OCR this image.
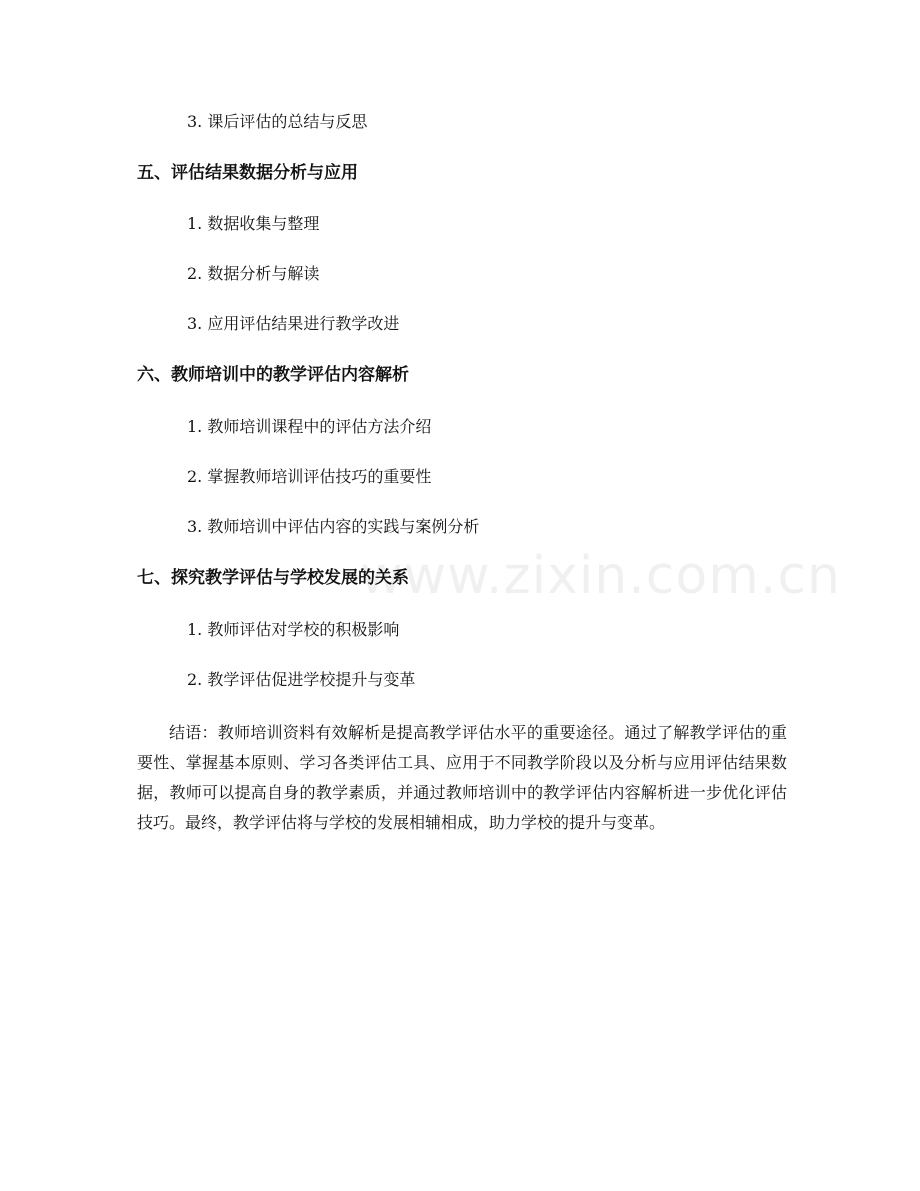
3. 课后评估的总结与反思
五、评估结果数据分析与应用
1. 数据收集与整理
2. 数据分析与解读
3. 应用评估结果进行教学改进
六、教师培训中的教学评估内容解析
1. 教师培训课程中的评估方法介绍
2. 掌握教师培训评估技巧的重要性
3. 教师培训中评估内容的实践与案例分析
七、探究教学评估与学校发展的关系
1. 教师评估对学校的积极影响
2. 教学评估促进学校提升与变革
结语：教师培训资料有效解析是提高教学评估水平的重要途径。通过了解教学评估的重要性、掌握基本原则、学习各类评估工具、应用于不同教学阶段以及分析与应用评估结果数据，教师可以提高自身的教学素质，并通过教师培训中的教学评估内容解析进一步优化评估技巧。最终，教学评估将与学校的发展相辅相成，助力学校的提升与变革。
www.zixin.com.cn
